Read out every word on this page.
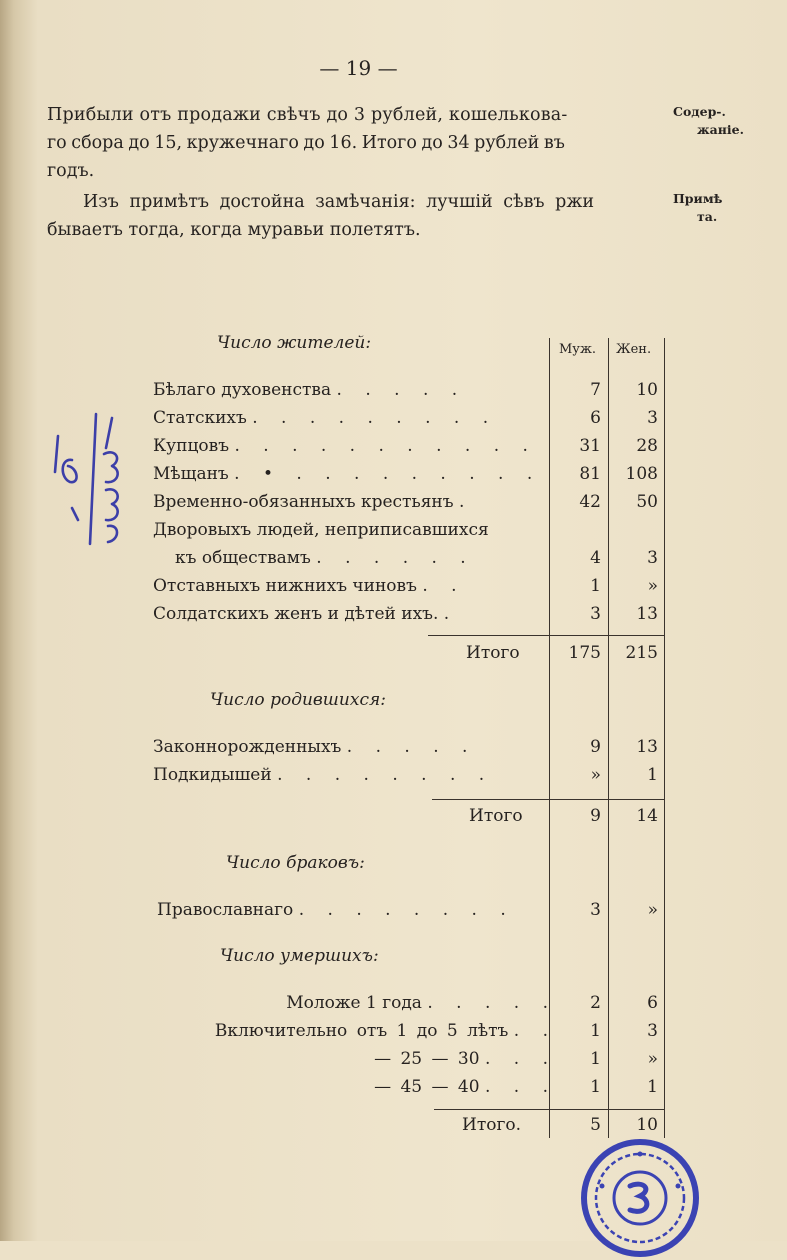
— 19 —
Прибыли отъ продажи свѣчъ до 3 рублей, кошелькова-
го сбора до 15, кружечнаго до 16. Итого до 34 рублей въ
годъ.
Изъ примѣтъ достойна замѣчанія: лучшій сѣвъ ржи
бываетъ тогда, когда муравьи полетятъ.
Содер-.
жаніе.
Примѣ
та.
Муж. Жен.
Число жителей:
Бѣлаго духовенства . . . . .	7 10
Статскихъ . . . . . . . . .	6	3
Купцовъ . . . . . . . . . . . 31 28
Мѣщанъ . • . . . . . . . . . 81 108
Временно-обязанныхъ крестьянъ .	42 50
Дворовыхъ людей, неприписавшихся
къ обществамъ . . . . . .	4	3
Отставныхъ нижнихъ чиновъ . .	1	»
Солдатскихъ женъ и дѣтей ихъ. .	3 13
Итого	175 215
Число родившихся:
Законнорожденныхъ . . . . .	9 13
Подкидышей . . . . . . . .	»	1
Итого	9 14
Число браковъ:
Православнаго . . . . . . . .	3	»
Число умершихъ:
Моложе 1 года . . . . . 2	6
Включительно отъ 1 до 5 лѣтъ . . 1	3
— 25 — 30 . . . 1	»
— 45 — 40 . . . 1	1
Итого.	5 10
